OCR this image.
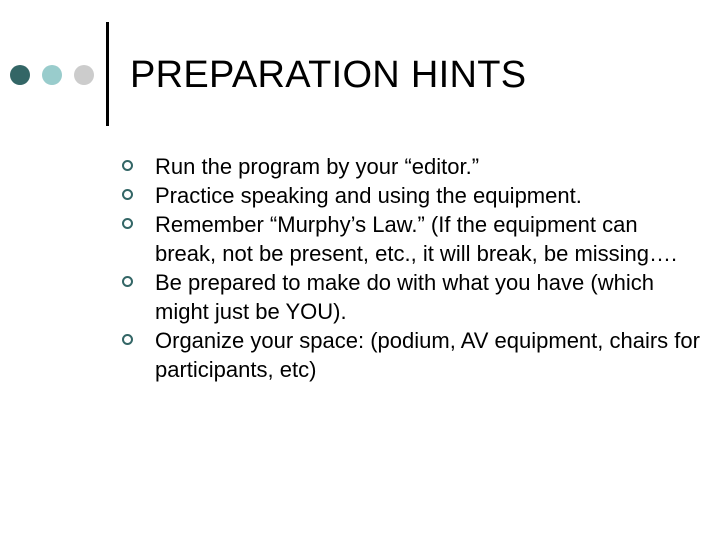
PREPARATION HINTS
Run the program by your “editor.”
Practice speaking and using the equipment.
Remember “Murphy’s Law.” (If the equipment can break, not be present, etc., it will break, be missing….
Be prepared to make do with what you have (which might just be YOU).
Organize your space: (podium, AV equipment, chairs for participants, etc)
